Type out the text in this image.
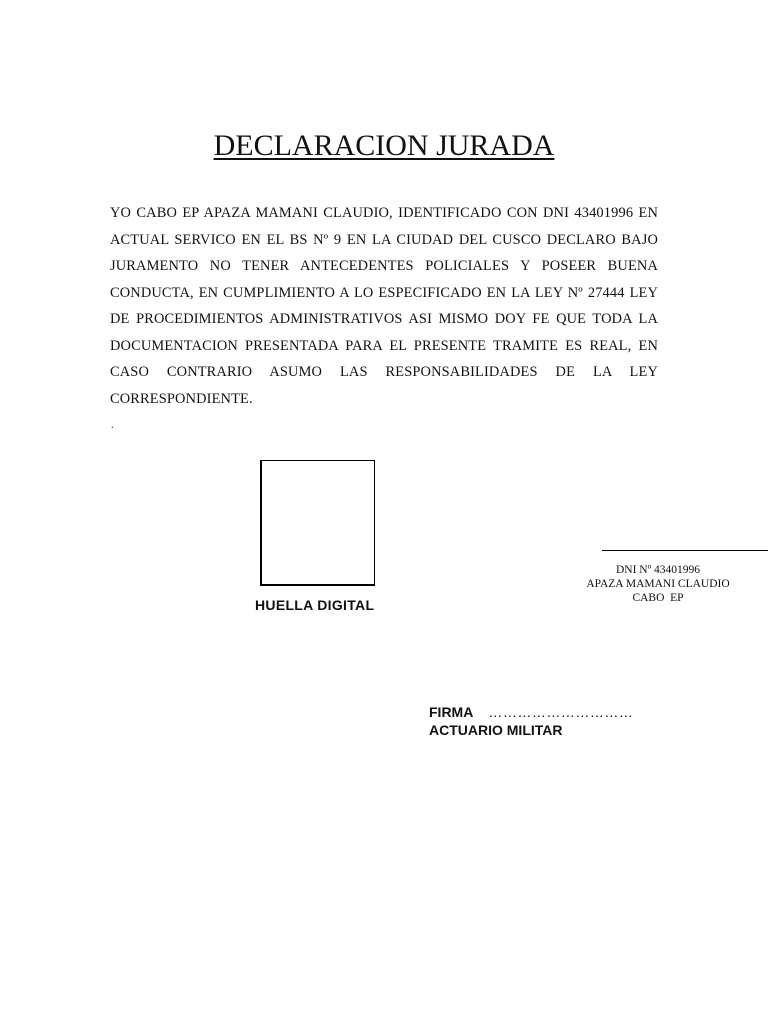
DECLARACION JURADA

YO CABO EP APAZA MAMANI CLAUDIO, IDENTIFICADO CON DNI 43401996 EN ACTUAL SERVICO EN EL BS Nº 9 EN LA CIUDAD DEL CUSCO DECLARO BAJO JURAMENTO NO TENER ANTECEDENTES POLICIALES Y POSEER BUENA CONDUCTA, EN CUMPLIMIENTO A LO ESPECIFICADO EN LA LEY Nº 27444 LEY DE PROCEDIMIENTOS ADMINISTRATIVOS ASI MISMO DOY FE QUE TODA LA DOCUMENTACION PRESENTADA PARA EL PRESENTE TRAMITE ES REAL, EN CASO CONTRARIO ASUMO LAS RESPONSABILIDADES DE LA LEY CORRESPONDIENTE.

.
HUELLA DIGITAL
DNI Nº 43401996
APAZA MAMANI CLAUDIO
CABO  EP
FIRMA …………………………
ACTUARIO MILITAR
